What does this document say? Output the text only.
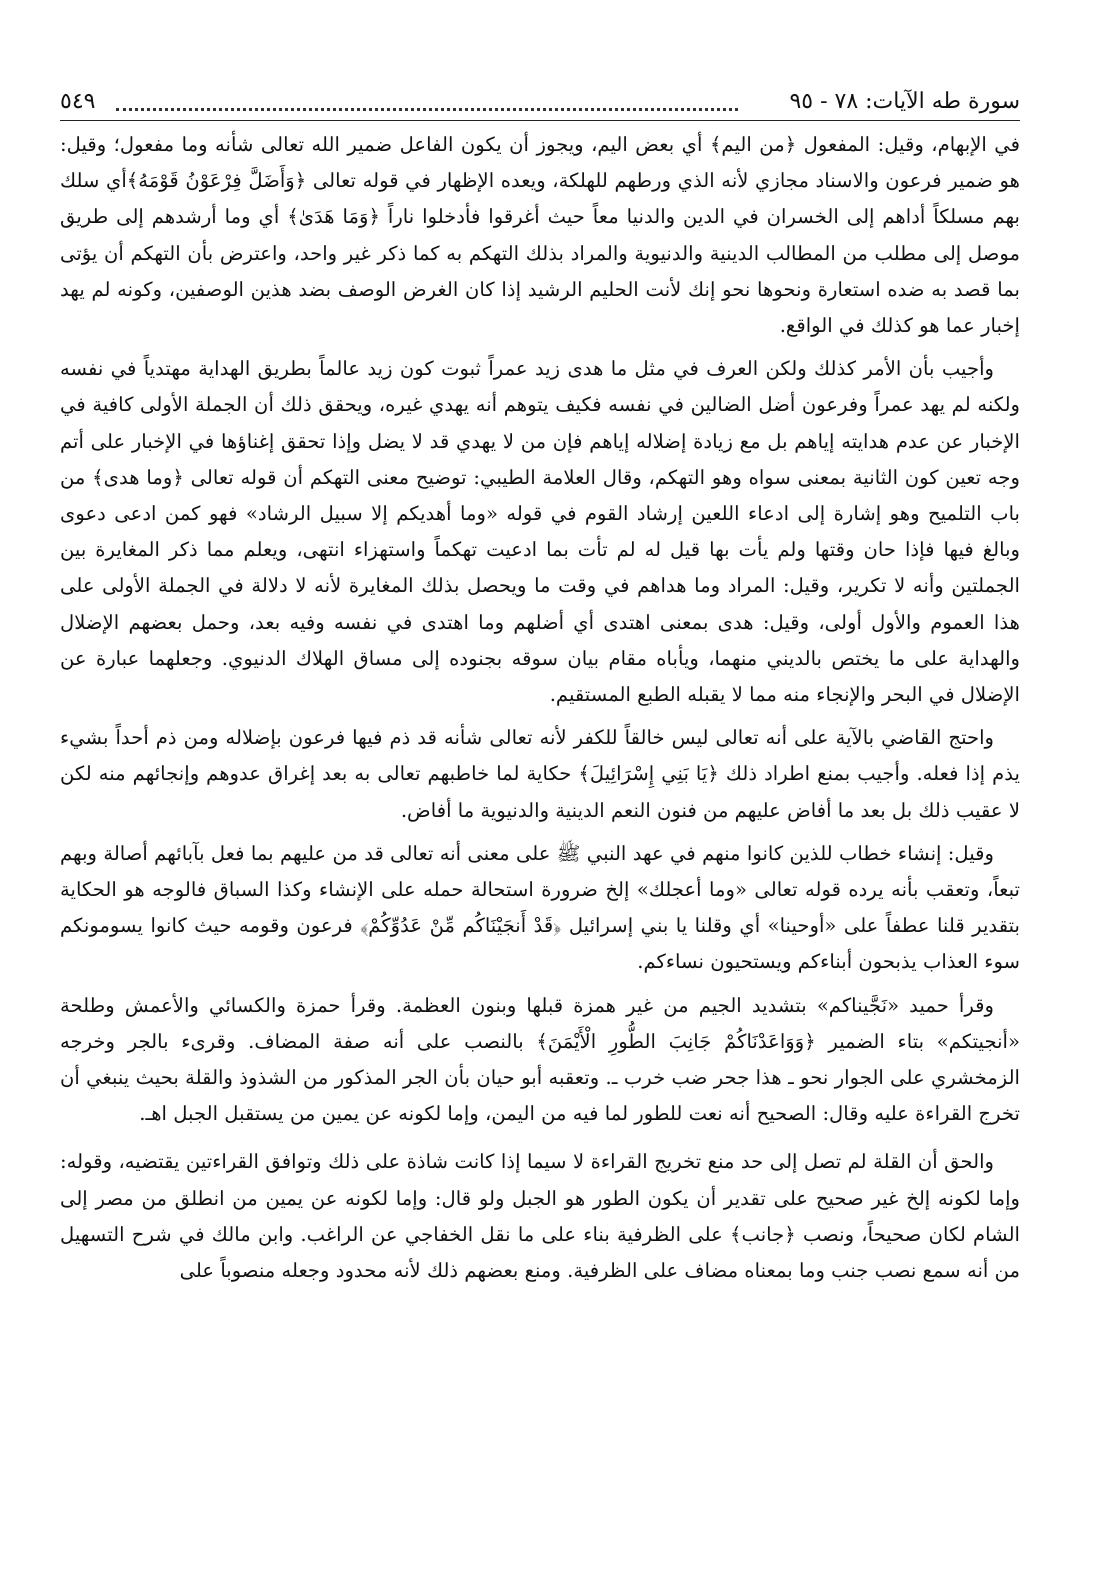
سورة طه الآيات: ٧٨ - ٩٥
٥٤٩

في الإبهام، وقيل: المفعول ﴿من اليم﴾ أي بعض اليم، ويجوز أن يكون الفاعل ضمير الله تعالى شأنه وما مفعول؛ وقيل: هو ضمير فرعون والاسناد مجازي لأنه الذي ورطهم للهلكة، ويعده الإظهار في قوله تعالى ﴿وَأَضَلَّ فِرْعَوْنُ قَوْمَهُ﴾أي سلك بهم مسلكاً أداهم إلى الخسران في الدين والدنيا معاً حيث أغرقوا فأدخلوا ناراً ﴿وَمَا هَدَىٰ﴾ أي وما أرشدهم إلى طريق موصل إلى مطلب من المطالب الدينية والدنيوية والمراد بذلك التهكم به كما ذكر غير واحد، واعترض بأن التهكم أن يؤتى بما قصد به ضده استعارة ونحوها نحو إنك لأنت الحليم الرشيد إذا كان الغرض الوصف بضد هذين الوصفين، وكونه لم يهد إخبار عما هو كذلك في الواقع.

وأجيب بأن الأمر كذلك ولكن العرف في مثل ما هدى زيد عمراً ثبوت كون زيد عالماً بطريق الهداية مهتدياً في نفسه ولكنه لم يهد عمراً وفرعون أضل الضالين في نفسه فكيف يتوهم أنه يهدي غيره، ويحقق ذلك أن الجملة الأولى كافية في الإخبار عن عدم هدايته إياهم بل مع زيادة إضلاله إياهم فإن من لا يهدي قد لا يضل وإذا تحقق إغناؤها في الإخبار على أتم وجه تعين كون الثانية بمعنى سواه وهو التهكم، وقال العلامة الطيبي: توضيح معنى التهكم أن قوله تعالى ﴿وما هدى﴾ من باب التلميح وهو إشارة إلى ادعاء اللعين إرشاد القوم في قوله «وما أهديكم إلا سبيل الرشاد» فهو كمن ادعى دعوى وبالغ فيها فإذا حان وقتها ولم يأت بها قيل له لم تأت بما ادعيت تهكماً واستهزاء انتهى، ويعلم مما ذكر المغايرة بين الجملتين وأنه لا تكرير، وقيل: المراد وما هداهم في وقت ما ويحصل بذلك المغايرة لأنه لا دلالة في الجملة الأولى على هذا العموم والأول أولى، وقيل: هدى بمعنى اهتدى أي أضلهم وما اهتدى في نفسه وفيه بعد، وحمل بعضهم الإضلال والهداية على ما يختص بالديني منهما، ويأباه مقام بيان سوقه بجنوده إلى مساق الهلاك الدنيوي. وجعلهما عبارة عن الإضلال في البحر والإنجاء منه مما لا يقبله الطبع المستقيم.

واحتج القاضي بالآية على أنه تعالى ليس خالقاً للكفر لأنه تعالى شأنه قد ذم فيها فرعون بإضلاله ومن ذم أحداً بشيء يذم إذا فعله. وأجيب بمنع اطراد ذلك ﴿يَا بَنِي إِسْرَائِيلَ﴾ حكاية لما خاطبهم تعالى به بعد إغراق عدوهم وإنجائهم منه لكن لا عقيب ذلك بل بعد ما أفاض عليهم من فنون النعم الدينية والدنيوية ما أفاض.

وقيل: إنشاء خطاب للذين كانوا منهم في عهد النبي ﷺ على معنى أنه تعالى قد من عليهم بما فعل بآبائهم أصالة وبهم تبعاً، وتعقب بأنه يرده قوله تعالى «وما أعجلك» إلخ ضرورة استحالة حمله على الإنشاء وكذا السباق فالوجه هو الحكاية بتقدير قلنا عطفاً على «أوحينا» أي وقلنا يا بني إسرائيل ﴿قَدْ أَنجَيْنَاكُم مِّنْ عَدُوِّكُمْ﴾ فرعون وقومه حيث كانوا يسومونكم سوء العذاب يذبحون أبناءكم ويستحيون نساءكم.

وقرأ حميد «نَجَّيناكم» بتشديد الجيم من غير همزة قبلها وبنون العظمة. وقرأ حمزة والكسائي والأعمش وطلحة «أنجيتكم» بتاء الضمير ﴿وَوَاعَدْنَاكُمْ جَانِبَ الطُّورِ الْأَيْمَنَ﴾ بالنصب على أنه صفة المضاف. وقرىء بالجر وخرجه الزمخشري على الجوار نحو ـ هذا جحر ضب خرب ـ. وتعقبه أبو حيان بأن الجر المذكور من الشذوذ والقلة بحيث ينبغي أن تخرج القراءة عليه وقال: الصحيح أنه نعت للطور لما فيه من اليمن، وإما لكونه عن يمين من يستقبل الجبل اهـ.

والحق أن القلة لم تصل إلى حد منع تخريج القراءة لا سيما إذا كانت شاذة على ذلك وتوافق القراءتين يقتضيه، وقوله: وإما لكونه إلخ غير صحيح على تقدير أن يكون الطور هو الجبل ولو قال: وإما لكونه عن يمين من انطلق من مصر إلى الشام لكان صحيحاً، ونصب ﴿جانب﴾ على الظرفية بناء على ما نقل الخفاجي عن الراغب. وابن مالك في شرح التسهيل من أنه سمع نصب جنب وما بمعناه مضاف على الظرفية. ومنع بعضهم ذلك لأنه محدود وجعله منصوباً على
